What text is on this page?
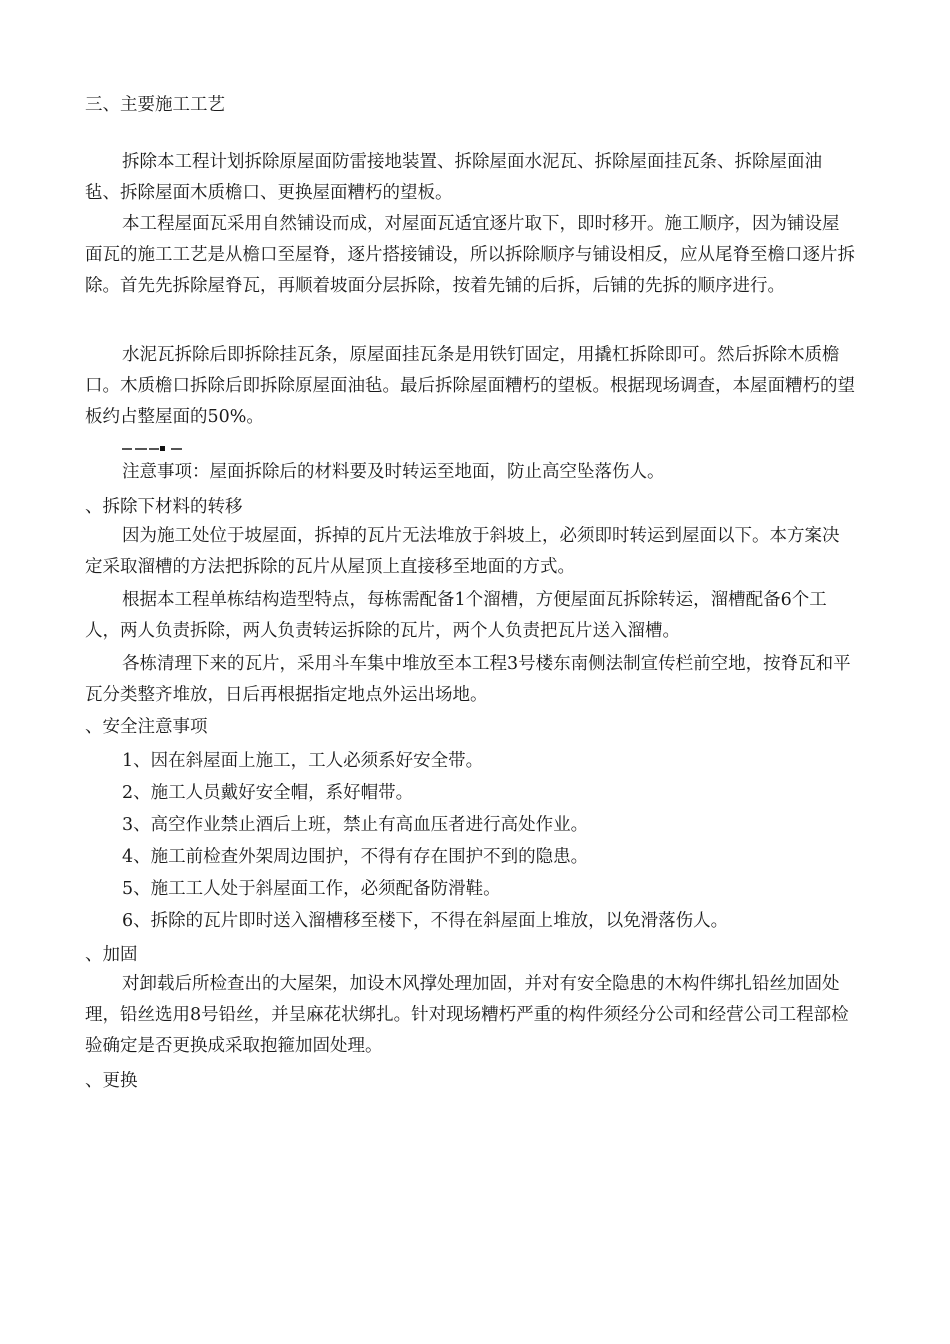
三、主要施工工艺

拆除本工程计划拆除原屋面防雷接地装置、拆除屋面水泥瓦、拆除屋面挂瓦条、拆除屋面油毡、拆除屋面木质檐口、更换屋面糟朽的望板。

本工程屋面瓦采用自然铺设而成，对屋面瓦适宜逐片取下，即时移开。施工顺序，因为铺设屋面瓦的施工工艺是从檐口至屋脊，逐片搭接铺设，所以拆除顺序与铺设相反，应从尾脊至檐口逐片拆除。首先先拆除屋脊瓦，再顺着坡面分层拆除，按着先铺的后拆，后铺的先拆的顺序进行。

水泥瓦拆除后即拆除挂瓦条，原屋面挂瓦条是用铁钉固定，用撬杠拆除即可。然后拆除木质檐口。木质檐口拆除后即拆除原屋面油毡。最后拆除屋面糟朽的望板。根据现场调查，本屋面糟朽的望板约占整屋面的50%。

注意事项：屋面拆除后的材料要及时转运至地面，防止高空坠落伤人。

、拆除下材料的转移

因为施工处位于坡屋面，拆掉的瓦片无法堆放于斜坡上，必须即时转运到屋面以下。本方案决定采取溜槽的方法把拆除的瓦片从屋顶上直接移至地面的方式。

根据本工程单栋结构造型特点，每栋需配备1个溜槽，方便屋面瓦拆除转运，溜槽配备6个工人，两人负责拆除，两人负责转运拆除的瓦片，两个人负责把瓦片送入溜槽。

各栋清理下来的瓦片，采用斗车集中堆放至本工程3号楼东南侧法制宣传栏前空地，按脊瓦和平瓦分类整齐堆放，日后再根据指定地点外运出场地。

、安全注意事项

1、因在斜屋面上施工，工人必须系好安全带。

2、施工人员戴好安全帽，系好帽带。

3、高空作业禁止酒后上班，禁止有高血压者进行高处作业。

4、施工前检查外架周边围护，不得有存在围护不到的隐患。

5、施工工人处于斜屋面工作，必须配备防滑鞋。

6、拆除的瓦片即时送入溜槽移至楼下，不得在斜屋面上堆放，以免滑落伤人。

、加固

对卸载后所检查出的大屋架，加设木风撑处理加固，并对有安全隐患的木构件绑扎铅丝加固处理，铅丝选用8号铅丝，并呈麻花状绑扎。针对现场糟朽严重的构件须经分公司和经营公司工程部检验确定是否更换成采取抱箍加固处理。

、更换
